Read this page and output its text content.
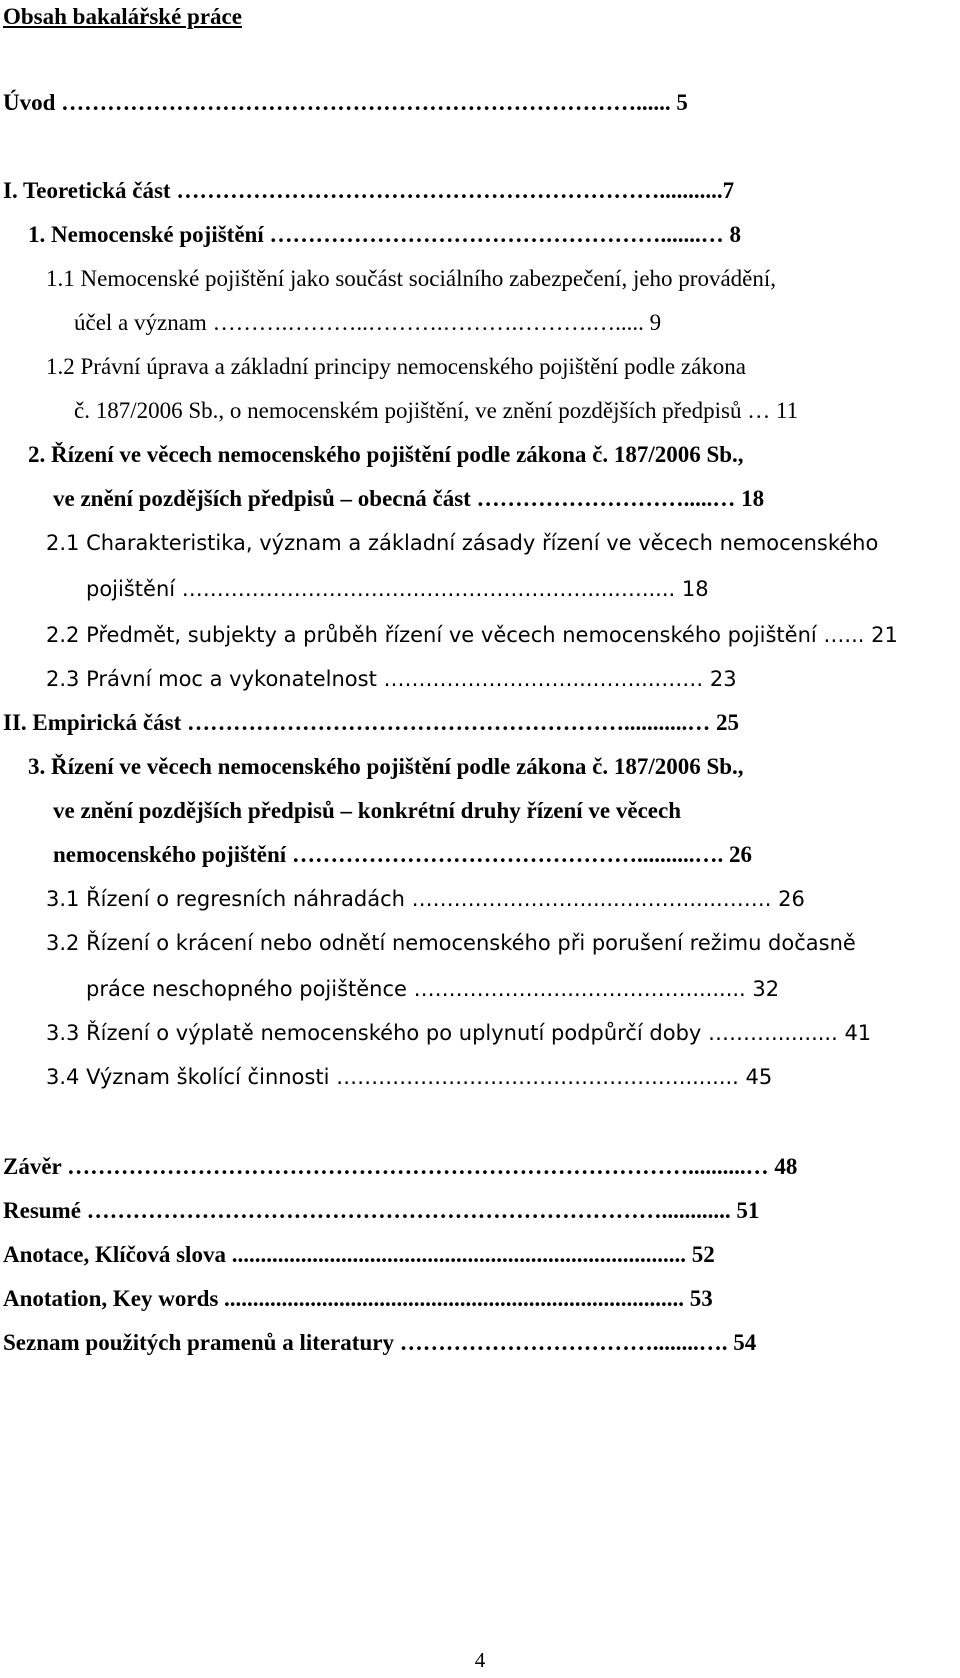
Obsah bakalářské práce
Úvod …………………………………………………………………...... 5
I. Teoretická část ………………………………………………………...........7
1. Nemocenské pojištění …………………………………………….......… 8
1.1 Nemocenské pojištění jako součást sociálního zabezpečení, jeho provádění,
účel a význam ……….………..……….……….……….…..... 9
1.2 Právní úprava a základní principy nemocenského pojištění podle zákona
č. 187/2006 Sb., o nemocenském pojištění, ve znění pozdějších předpisů … 11
2. Řízení ve věcech nemocenského pojištění podle zákona č. 187/2006 Sb.,
ve znění pozdějších předpisů – obecná část ……………………….....… 18
2.1 Charakteristika, význam a základní zásady řízení ve věcech nemocenského
pojištění …………………………….…………………….....…..... 18
2.2 Předmět, subjekty a průběh řízení ve věcech nemocenského pojištění …... 21
2.3 Právní moc a vykonatelnost ………………………...……....…… 23
II. Empirická část …………………………………………………...........… 25
3. Řízení ve věcech nemocenského pojištění podle zákona č. 187/2006 Sb.,
ve znění pozdějších předpisů – konkrétní druhy řízení ve věcech
nemocenského pojištění ………………………………………..........…. 26
3.1 Řízení o regresních náhradách ……………………......………......……. 26
3.2 Řízení o krácení nebo odnětí nemocenského při porušení režimu dočasně
práce neschopného pojištěnce ……………….…..……………......... 32
3.3 Řízení o výplatě nemocenského po uplynutí podpůrčí doby ……….......... 41
3.4 Význam školící činnosti ……………………………………….…......... 45
Závěr ………………………………………………………………………..........… 48
Resumé …………………………………………………………………............ 51
Anotace, Klíčová slova ............................................................................... 52
Anotation, Key words ................................................................................ 53
Seznam použitých pramenů a literatury ……………………………........…. 54
4
